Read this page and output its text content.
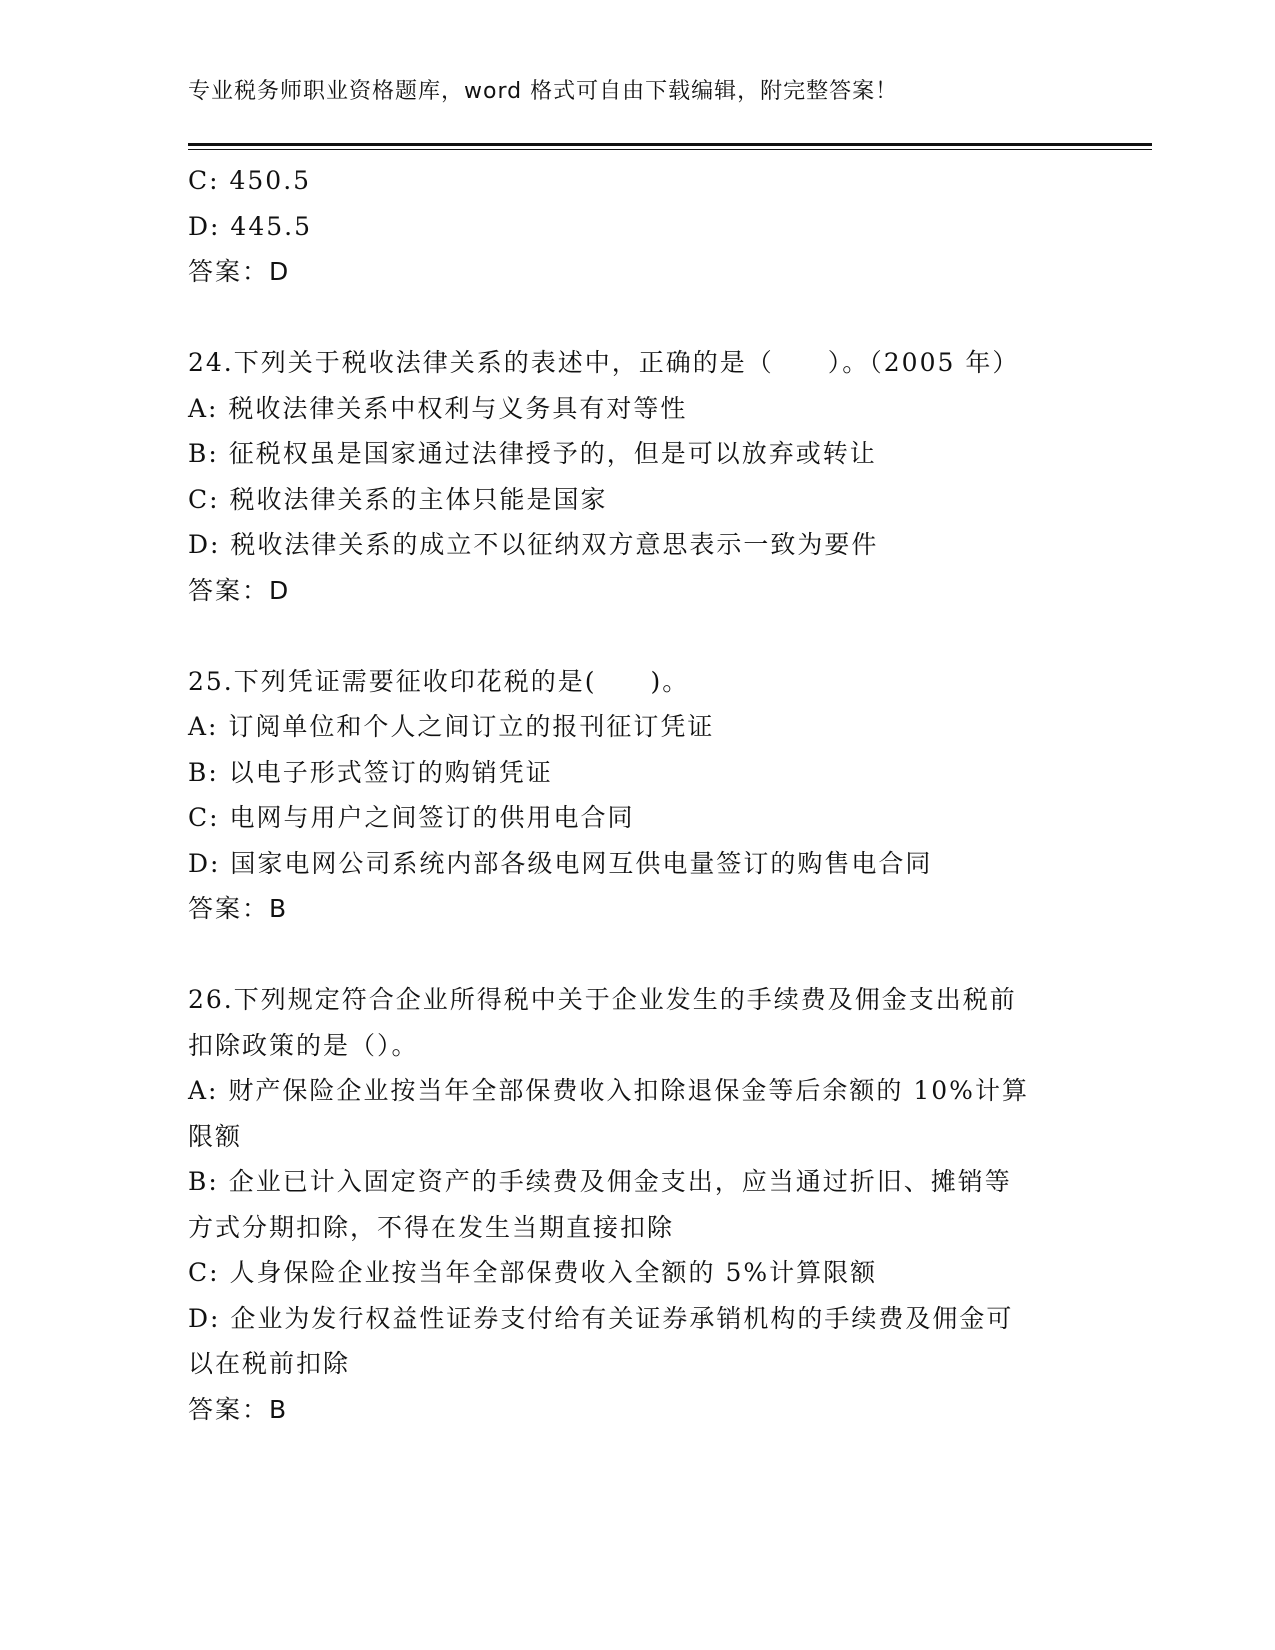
专业税务师职业资格题库，word 格式可自由下载编辑，附完整答案！
C: 450.5
D: 445.5
答案：D
24.下列关于税收法律关系的表述中，正确的是（　　）。（2005 年）
A: 税收法律关系中权利与义务具有对等性
B: 征税权虽是国家通过法律授予的，但是可以放弃或转让
C: 税收法律关系的主体只能是国家
D: 税收法律关系的成立不以征纳双方意思表示一致为要件
答案：D
25.下列凭证需要征收印花税的是(　　)。
A: 订阅单位和个人之间订立的报刊征订凭证
B: 以电子形式签订的购销凭证
C: 电网与用户之间签订的供用电合同
D: 国家电网公司系统内部各级电网互供电量签订的购售电合同
答案：B
26.下列规定符合企业所得税中关于企业发生的手续费及佣金支出税前
扣除政策的是（）。
A: 财产保险企业按当年全部保费收入扣除退保金等后余额的 10%计算
限额
B: 企业已计入固定资产的手续费及佣金支出，应当通过折旧、摊销等
方式分期扣除，不得在发生当期直接扣除
C: 人身保险企业按当年全部保费收入全额的 5%计算限额
D: 企业为发行权益性证券支付给有关证券承销机构的手续费及佣金可
以在税前扣除
答案：B
